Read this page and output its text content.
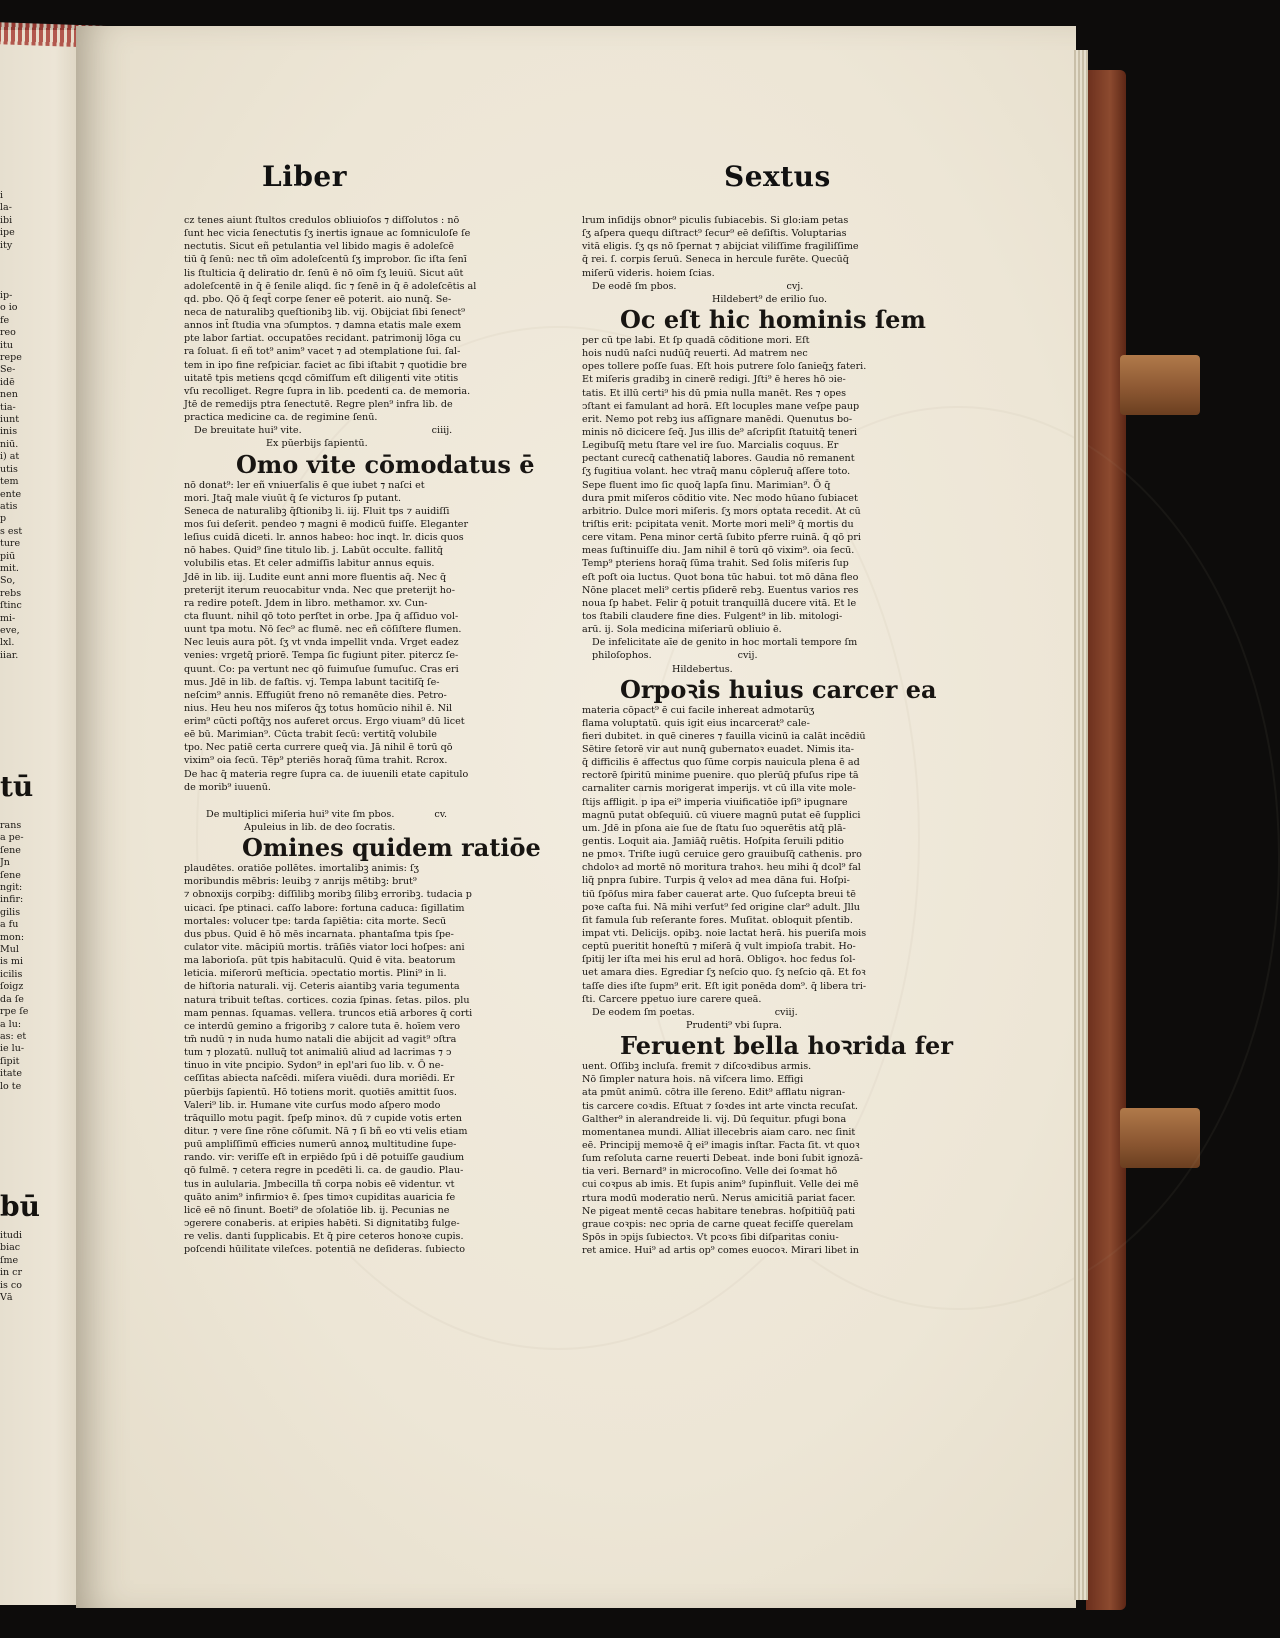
i
la-
ibi
ipe
ity
ip-
o io
fe
reo
itu
repe
Se-
idē
nen
tia-
iunt
inis
niū.
i) at
utis
tem
ente
atis
p
s est
ture
piū
mit.
So,
rebs
ſtinc
mi-
eve,
lxl.
iiar.
tū
rans
a pe-
ſene
Jn
ſene
ngit:
infir:
gilis
a fu
mon:
Mul
is mi
icilis
ſoigz
da ſe
rpe ſe
a lu:
as: et
ie lu-
ſipit
itate
lo te
bū
itudi
biac
ſme
in cr
is co
Vā
Liber	Sextus
cz tenes aiunt ſtultos credulos obliuioſos ⁊ diſſolutos : nō
ſunt hec vicia ſenectutis ſʒ inertis ignaue ac ſomniculoſe ſe
nectutis. Sicut eñ petulantia vel libido magis ē adoleſcē
tiū q̄ ſenū: nec tñ oīm adoleſcentū ſʒ improbor. ſic iſta ſenī
lis ſtulticia q̄ deliratio dr. ſenū ē nō oīm ſʒ leuiū. Sicut aūt
adoleſcentē in q̄ ē ſenile aliqd. ſic ⁊ ſenē in q̄ ē adoleſcētis al
qd. pbo. Qō q̄ ſeqt̄ corpe ſener eē poterit. aio nunq̄. Se-
neca de naturalibꝫ queſtionibꝫ lib. vij. Obijciat ſibi ſenect⁹
annos int̄ ſtudia vna ↄſumptos. ⁊ damna etatis male exem
pte labor ſartiat. occupatōes recidant. patrimonij lōga cu
ra ſoluat. ſi eñ tot⁹ anim⁹ vacet ⁊ ad ↄtemplatione ſui. ſal-
tem in ipo fine reſpiciar. faciet ac ſibi iſtabit ⁊ quotidie bre
uitatē tpis metiens qcqd cōmiſſum eſt diligenti vite ↄtitis
vſu recolliget. Regre ſupra in lib. pcedenti ca. de memoria.
Jtē de remedijs ptra ſenectutē. Regre plen⁹ infra lib. de
practica medicine ca. de regimine ſenū.
De breuitate hui⁹ vite.	ciiij.
Ex pūerbijs ſapientū.
Omo vite cōmodatus ē
nō donat⁹: ler eñ vniuerſalis ē que iubet ⁊ naſci et
mori. Jtaq̄ male viuūt q̄ ſe victuros ſp putant.
Seneca de naturalibꝫ q̄ſtionibꝫ li. iij. Fluit tps ⁊ auidiſſi
mos ſui deſerit. pendeo ⁊ magni ē modicū fuiſſe. Eleganter
leſius cuidā diceti. lr. annos habeo: hoc inqt. lr. dicis quos
nō habes. Quid⁹ ſine titulo lib. j. Labūt occulte. fallitq̄
volubilis etas. Et celer admiſſis labitur annus equis.
Jdē in lib. iij. Ludite eunt anni more fluentis aq̄. Nec q̄
preterijt iterum reuocabitur vnda. Nec que preterijt ho-
ra redire poteſt. Jdem in libro. methamor. xv. Cun-
cta fluunt. nihil qō toto perſtet in orbe. Jpa q̄ aſſiduo vol-
uunt tpa motu. Nō ſec⁹ ac flumē. nec eñ cōſiſtere flumen.
Nec leuis aura pōt. ſʒ vt vnda impellit vnda. Vrget eadez
venies: vrgetq̄ priorē. Tempa ſic fugiunt piter. pitercz ſe-
quunt. Co: pa vertunt nec qō fuimuſue ſumuſuc. Cras eri
mus. Jdē in lib. de faſtis. vj. Tempa labunt tacitiſq̄ ſe-
neſcim⁹ annis. Effugiūt freno nō remanēte dies. Petro-
nius. Heu heu nos miſeros q̄ʒ totus homūcio nihil ē. Nil
erim⁹ cūcti poſtq̄ʒ nos auferet orcus. Ergo viuam⁹ dū licet
eē bū. Marimian⁹. Cūcta trabit ſecū: vertitq̄ volubile
tpo. Nec patiē certa currere queq̄ via. Jā nihil ē torū qō
vixim⁹ oia ſecū. Tēp⁹ pteriēs horaq̄ ſūma trahit. Rcrox.
De hac q̄ materia regre ſupra ca. de iuuenili etate capitulo
de morib⁹ iuuenū.
De multiplici miſeria hui⁹ vite ſm pbos.	cv.
Apuleius in lib. de deo ſocratis.
Omines quidem ratiōe
plaudētes. oratiōe pollētes. imortalibꝫ animis: ſʒ
moribundis mēbris: leuibꝫ ⁊ anrijs mētibꝫ: brut⁹
⁊ obnoxijs corpibꝫ: diſſilibꝫ moribꝫ ſilibꝫ erroribꝫ. tudacia p
uicaci. ſpe ptinaci. caſſo labore: fortuna caduca: ſigillatim
mortales: volucer tpe: tarda ſapiētia: cita morte. Secū
dus pbus. Quid ē hō mēs incarnata. phantaſma tpis ſpe-
culator vite. mācipiū mortis. trāſiēs viator loci hoſpes: ani
ma laborioſa. pūt tpis habitaculū. Quid ē vita. beatorum
leticia. miſerorū meſticia. ↄpectatio mortis. Plini⁹ in li.
de hiſtoria naturali. vij. Ceteris aiantibꝫ varia tegumenta
natura tribuit teſtas. cortices. cozia ſpinas. ſetas. pilos. plu
mam pennas. ſquamas. vellera. truncos etiā arbores q̄ corti
ce interdū gemino a frigoribꝫ ⁊ calore tuta ē. hoīem vero
tm̄ nudū ⁊ in nuda humo natali die abijcit ad vagit⁹ ↄſtra
tum ⁊ plozatū. nulluq̄ tot animaliū aliud ad lacrimas ⁊ ↄ
tinuo in vite pncipio. Sydon⁹ in epl'ari ſuo lib. v. Ō ne-
ceſſitas abiecta naſcēdi. miſera viuēdi. dura moriēdi. Er
pūerbijs ſapientū. Hō totiens morit. quotiēs amittit ſuos.
Valeri⁹ lib. ir. Humane vite curſus modo aſpero modo
trāquillo motu pagit. ſpeſp minoꝛ. dū ⁊ cupide votis erten
ditur. ⁊ vere ſine rōne cōſumit. Nā ⁊ ſi bñ eo vti velis etiam
puū ampliſſimū efficies numerū annoꝝ multitudine ſupe-
rando. vir: veriſſe eſt in erpiēdo ſpū i dē potuiſſe gaudium
qō fulmē. ⁊ cetera regre in pcedēti li. ca. de gaudio. Plau-
tus in aulularia. Jmbecilla tñ corpa nobis eē videntur. vt
quāto anim⁹ infirmioꝛ ē. ſpes timoꝛ cupiditas auaricia fe
licē eē nō ſinunt. Boeti⁹ de ↄſolatiōe lib. ij. Pecunias ne
ↄgerere conaberis. at eripies habēti. Si dignitatibꝫ fulge-
re velis. danti ſupplicabis. Et q̄ pire ceteros honoꝛe cupis.
poſcendi hūilitate vileſces. potentiā ne deſideras. ſubiecto
lrum inſidijs obnor⁹ piculis ſubiacebis. Si glo:iam petas
ſʒ aſpera quequ diſtract⁹ ſecur⁹ eē deſiſtis. Voluptarias
vitā eligis. ſʒ qs nō ſpernat ⁊ abijciat viliſſime fragiliſſime
q̄ rei. ſ. corpis ſeruū. Seneca in hercule furēte. Quecūq̄
miſerū videris. hoiem ſcias.
De eodē ſm pbos.	cvj.
Hildebert⁹ de erilio ſuo.
Oc eſt hic hominis ſem
per cū tpe labi. Et ſp quadā cōditione mori. Eſt
hois nudū naſci nudūq̄ reuerti. Ad matrem nec
opes tollere poſſe ſuas. Eſt hois putrere ſolo ſanieq̄ʒ fateri.
Et miſeris gradibꝫ in cinerē redigi. Jſti⁹ ē heres hō ↄie-
tatis. Et illū certi⁹ his dū pmia nulla manēt. Res ⁊ opes
ↄſtant ei famulant ad horā. Eſt locuples mane veſpe paup
erit. Nemo pot rebꝫ ius aſſignare manēdi. Quenutus bo-
minis nō dicicere ſeq̄. Jus illis de⁹ aſcripſit ſtatuitq̄ teneri
Legibuſq̄ metu ſtare vel ire ſuo. Marcialis coquus. Er
pectant curecq̄ cathenatiq̄ labores. Gaudia nō remanent
ſʒ fugitiua volant. hec vtraq̄ manu cōpleruq̄ aſſere toto.
Sepe fluent imo ſic quoq̄ lapſa ſinu. Marimian⁹. Ō q̄
dura pmit miſeros cōditio vite. Nec modo hūano ſubiacet
arbitrio. Dulce mori miſeris. ſʒ mors optata recedit. At cū
triſtis erit: pcipitata venit. Morte mori meli⁹ q̄ mortis du
cere vitam. Pena minor certā ſubito pferre ruinā. q̄ qō pri
meas ſuſtinuiſſe diu. Jam nihil ē torū qō vixim⁹. oia ſecū.
Temp⁹ pteriens horaq̄ ſūma trahit. Sed ſolis miſeris ſup
eſt poſt oia luctus. Quot bona tūc habui. tot mō dāna fleo
Nōne placet meli⁹ certis pſiderē rebꝫ. Euentus varios res
noua ſp habet. Felir q̄ potuit tranquillā ducere vitā. Et le
tos ſtabili claudere fine dies. Fulgent⁹ in lib. mitologi-
arū. ij. Sola medicina miſeriarū obliuio ē.
De infelicitate aīe de genito in hoc mortali tempore ſm
philoſophos.	cvij.
Hildebertus.
Orpoꝛis huius carcer ea
materia cōpact⁹ ē cui facile inhereat admotarūʒ
flama voluptatū. quis igit eius incarcerat⁹ cale-
fieri dubitet. in quē cineres ⁊ fauilla vicinū ia calāt incēdiū
Sētire ſetorē vir aut nunq̄ gubernatoꝛ euadet. Nimis ita-
q̄ difficilis ē affectus quo ſūme corpis nauicula plena ē ad
rectorē ſpiritū minime puenire. quo plerūq̄ pfuſus ripe tā
carnaliter carnis morigerat imperijs. vt cū illa vite mole-
ſtijs affligit. p ipa ei⁹ imperia viuificatiōe ipſi⁹ ipugnare
magnū putat obſequiū. cū viuere magnū putat eē ſupplici
um. Jdē in pſona aie ſue de ſtatu ſuo ↄquerētis atq̄ plā-
gentis. Loquit aia. Jamiāq̄ ruētis. Hoſpita ſeruili pditio
ne pmoꝛ. Triſte iugū ceruice gero grauibuſq̄ cathenis. pro
chdoloꝛ ad mortē nō moritura trahoꝛ. heu mihi q̄ dcol⁹ fal
liq̄ pnpra ſubire. Turpis q̄ veloꝛ ad mea dāna fui. Hoſpi-
tiū ſpōſus mira faber cauerat arte. Quo ſuſcepta breui tē
poꝛe caſta fui. Nā mihi verſut⁹ ſed origine clar⁹ adult. Jllu
ſit famula ſub reſerante fores. Muſitat. obloquit pſentib.
impat vti. Delicijs. opibꝫ. noie lactat herā. his pueriſa mois
ceptū pueritit honeſtū ⁊ miſerā q̄ vult impioſa trabit. Ho-
ſpitij ler iſta mei his erul ad horā. Obligoꝛ. hoc fedus ſol-
uet amara dies. Egrediar ſʒ neſcio quo. ſʒ neſcio qā. Et foꝛ
taſſe dies iſte ſupm⁹ erit. Eſt igit ponēda dom⁹. q̄ libera tri-
ſti. Carcere ppetuo iure carere queā.
De eodem ſm poetas.	cviij.
Prudenti⁹ vbi ſupra.
Feruent bella hoꝛrida fer
uent. Oſſibꝫ incluſa. fremit ⁊ diſcoꝛdibus armis.
Nō ſimpler natura hois. nā viſcera limo. Effigi
ata pmūt animū. cōtra ille ſereno. Edit⁹ afflatu nigran-
tis carcere coꝛdis. Eſtuat ⁊ ſoꝛdes int arte vincta recuſat.
Galther⁹ in alerandreide li. vij. Dū ſequitur. pfugi bona
momentanea mundi. Alliat illecebris aiam caro. nec ſinit
eē. Principij memoꝛē q̄ ei⁹ imagis inſtar. Facta ſit. vt quoꝛ
ſum reſoluta carne reuerti Debeat. inde boni ſubit ignozā-
tia veri. Bernard⁹ in microcoſino. Velle dei ſoꝛmat hō
cui coꝛpus ab imis. Et ſupis anim⁹ ſupinfluit. Velle dei mē
rtura modū moderatio nerū. Nerus amicitiā pariat facer.
Ne pigeat mentē cecas habitare tenebras. hoſpitiūq̄ pati
graue coꝛpis: nec ↄpria de carne queat feciſſe querelam
Spōs in ↄpijs ſubiectoꝛ. Vt pcoꝛs ſibi diſparitas coniu-
ret amice. Hui⁹ ad artis op⁹ comes euocoꝛ. Mirari libet in
